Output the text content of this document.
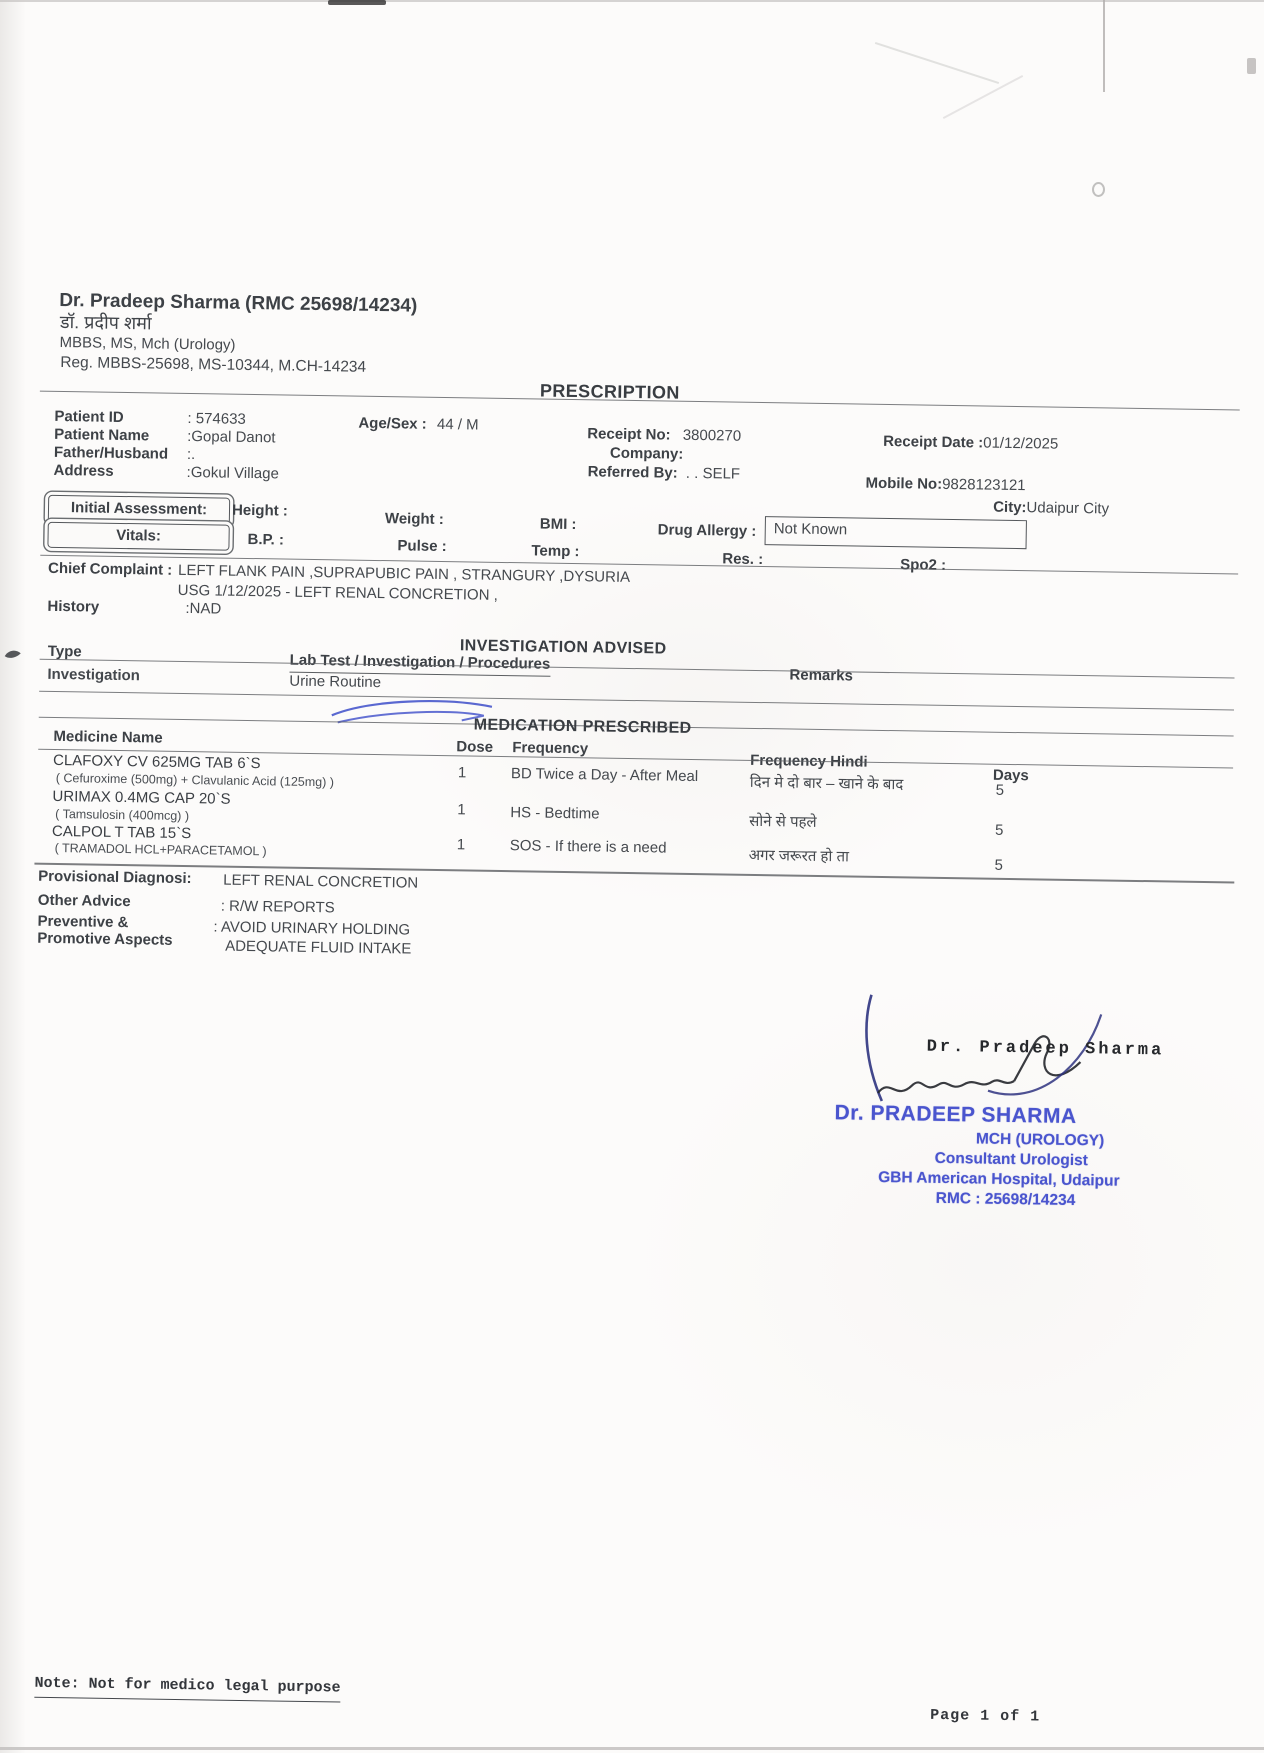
Dr. Pradeep Sharma (RMC 25698/14234)
डॉ. प्रदीप शर्मा
MBBS, MS, Mch (Urology)
Reg. MBBS-25698, MS-10344, M.CH-14234
PRESCRIPTION
Patient ID	: 574633
Patient Name	:Gopal Danot
Father/Husband :.
Address	:Gokul Village
Age/Sex : 44 / M
Receipt No: 3800270
Company:
Referred By: . . SELF
Receipt Date :01/12/2025
Mobile No:9828123121
City:Udaipur City
Initial Assessment: Height :	Weight :	BMI :	Drug Allergy : Not Known
Vitals:	B.P. :	Pulse :	Temp :	Res. :	Spo2 :
Chief Complaint : LEFT FLANK PAIN ,SUPRAPUBIC PAIN , STRANGURY ,DYSURIA
USG 1/12/2025 - LEFT RENAL CONCRETION ,
History	:NAD
INVESTIGATION ADVISED
Type
Lab Test / Investigation / Procedures
Remarks
Investigation	Urine Routine
MEDICATION PRESCRIBED
Medicine Name
Dose Frequency
Frequency Hindi
Days
CLAFOXY CV 625MG TAB 6`S
( Cefuroxime (500mg) + Clavulanic Acid (125mg) )	1	BD Twice a Day - After Meal	दिन मे दो बार – खाने के बाद	5
URIMAX 0.4MG CAP 20`S
( Tamsulosin (400mcg) )	1	HS - Bedtime	सोने से पहले	5
CALPOL T TAB 15`S
( TRAMADOL HCL+PARACETAMOL )	1	SOS - If there is a need	अगर जरूरत हो ता	5
Provisional Diagnosi: LEFT RENAL CONCRETION
Other Advice	: R/W REPORTS
Preventive &
Promotive Aspects
: AVOID URINARY HOLDING
ADEQUATE FLUID INTAKE
Dr. Pradeep Sharma
Dr. PRADEEP SHARMA
MCH (UROLOGY)
Consultant Urologist
GBH American Hospital, Udaipur
RMC : 25698/14234
Note: Not for medico legal purpose
Page 1 of 1
